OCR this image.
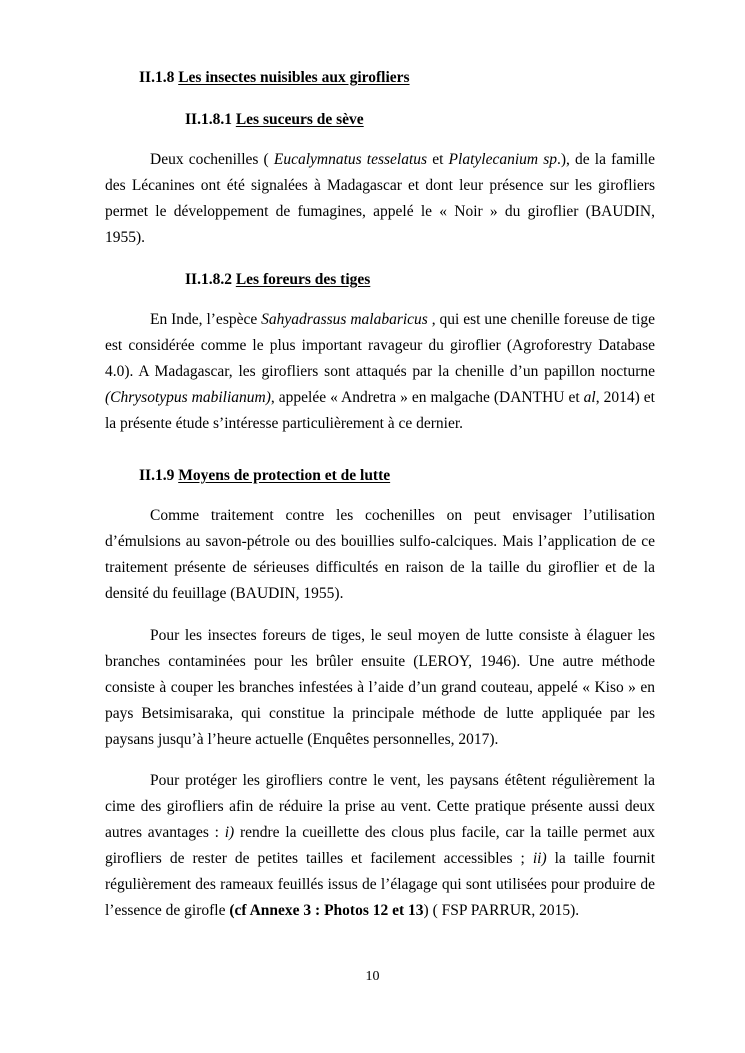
II.1.8 Les insectes nuisibles aux girofliers
II.1.8.1 Les suceurs de sève

Deux cochenilles ( Eucalymnatus tesselatus et Platylecanium sp.), de la famille des Lécanines ont été signalées à Madagascar et dont leur présence sur les girofliers permet le développement de fumagines, appelé le « Noir » du giroflier (BAUDIN, 1955).

II.1.8.2 Les foreurs des tiges

En Inde, l’espèce Sahyadrassus malabaricus , qui est une chenille foreuse de tige est considérée comme le plus important ravageur du giroflier (Agroforestry Database 4.0). A Madagascar, les girofliers sont attaqués par la chenille d’un papillon nocturne (Chrysotypus mabilianum), appelée « Andretra » en malgache (DANTHU et al, 2014) et la présente étude s’intéresse particulièrement à ce dernier.

II.1.9 Moyens de protection et de lutte

Comme traitement contre les cochenilles on peut envisager l’utilisation d’émulsions au savon-pétrole ou des bouillies sulfo-calciques. Mais l’application de ce traitement présente de sérieuses difficultés en raison de la taille du giroflier et de la densité du feuillage (BAUDIN, 1955).

Pour les insectes foreurs de tiges, le seul moyen de lutte consiste à élaguer les branches contaminées pour les brûler ensuite (LEROY, 1946). Une autre méthode consiste à couper les branches infestées à l’aide d’un grand couteau, appelé « Kiso » en pays Betsimisaraka, qui constitue la principale méthode de lutte appliquée par les paysans jusqu’à l’heure actuelle (Enquêtes personnelles, 2017).

Pour protéger les girofliers contre le vent, les paysans étêtent régulièrement la cime des girofliers afin de réduire la prise au vent. Cette pratique présente aussi deux autres avantages : i) rendre la cueillette des clous plus facile, car la taille permet aux girofliers de rester de petites tailles et facilement accessibles ; ii) la taille fournit régulièrement des rameaux feuillés issus de l’élagage qui sont utilisées pour produire de l’essence de girofle (cf Annexe 3 : Photos 12 et 13) ( FSP PARRUR, 2015).

10
